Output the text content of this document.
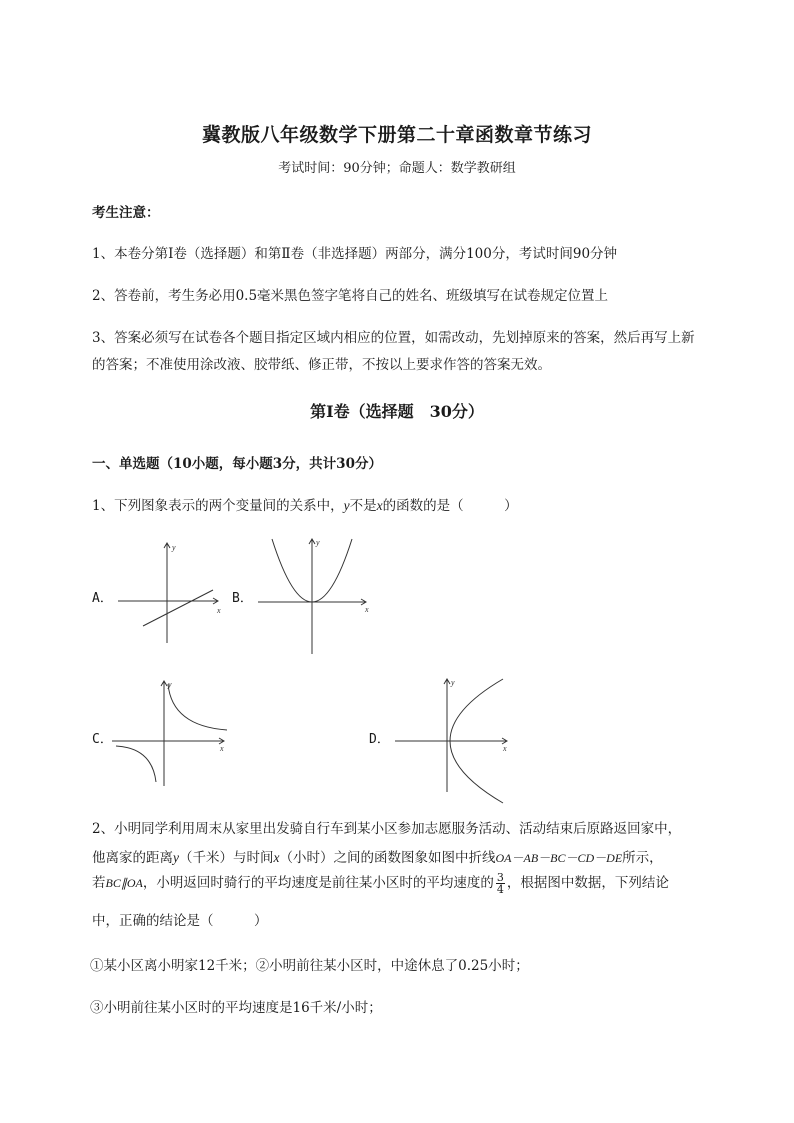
冀教版八年级数学下册第二十章函数章节练习
考试时间：90分钟；命题人：数学教研组
考生注意：
1、本卷分第I卷（选择题）和第Ⅱ卷（非选择题）两部分，满分100分，考试时间90分钟
2、答卷前，考生务必用0.5毫米黑色签字笔将自己的姓名、班级填写在试卷规定位置上
3、答案必须写在试卷各个题目指定区域内相应的位置，如需改动，先划掉原来的答案，然后再写上新
的答案；不准使用涂改液、胶带纸、修正带，不按以上要求作答的答案无效。
第I卷（选择题　30分）
一、单选题（10小题，每小题3分，共计30分）
1、下列图象表示的两个变量间的关系中，y不是x的函数的是（　　　）
A．
x
y
B．
x
y
C．
x
y
D．
x
y
2、小明同学利用周末从家里出发骑自行车到某小区参加志愿服务活动、活动结束后原路返回家中，
他离家的距离y（千米）与时间x（小时）之间的函数图象如图中折线OA－AB－BC－CD－DE所示，
若BC∥OA，小明返回时骑行的平均速度是前往某小区时的平均速度的 $\frac{3}{4}$ ，根据图中数据，下列结论
中，正确的结论是（　　　）
①某小区离小明家12千米；②小明前往某小区时，中途休息了0.25小时；
③小明前往某小区时的平均速度是16千米/小时；
